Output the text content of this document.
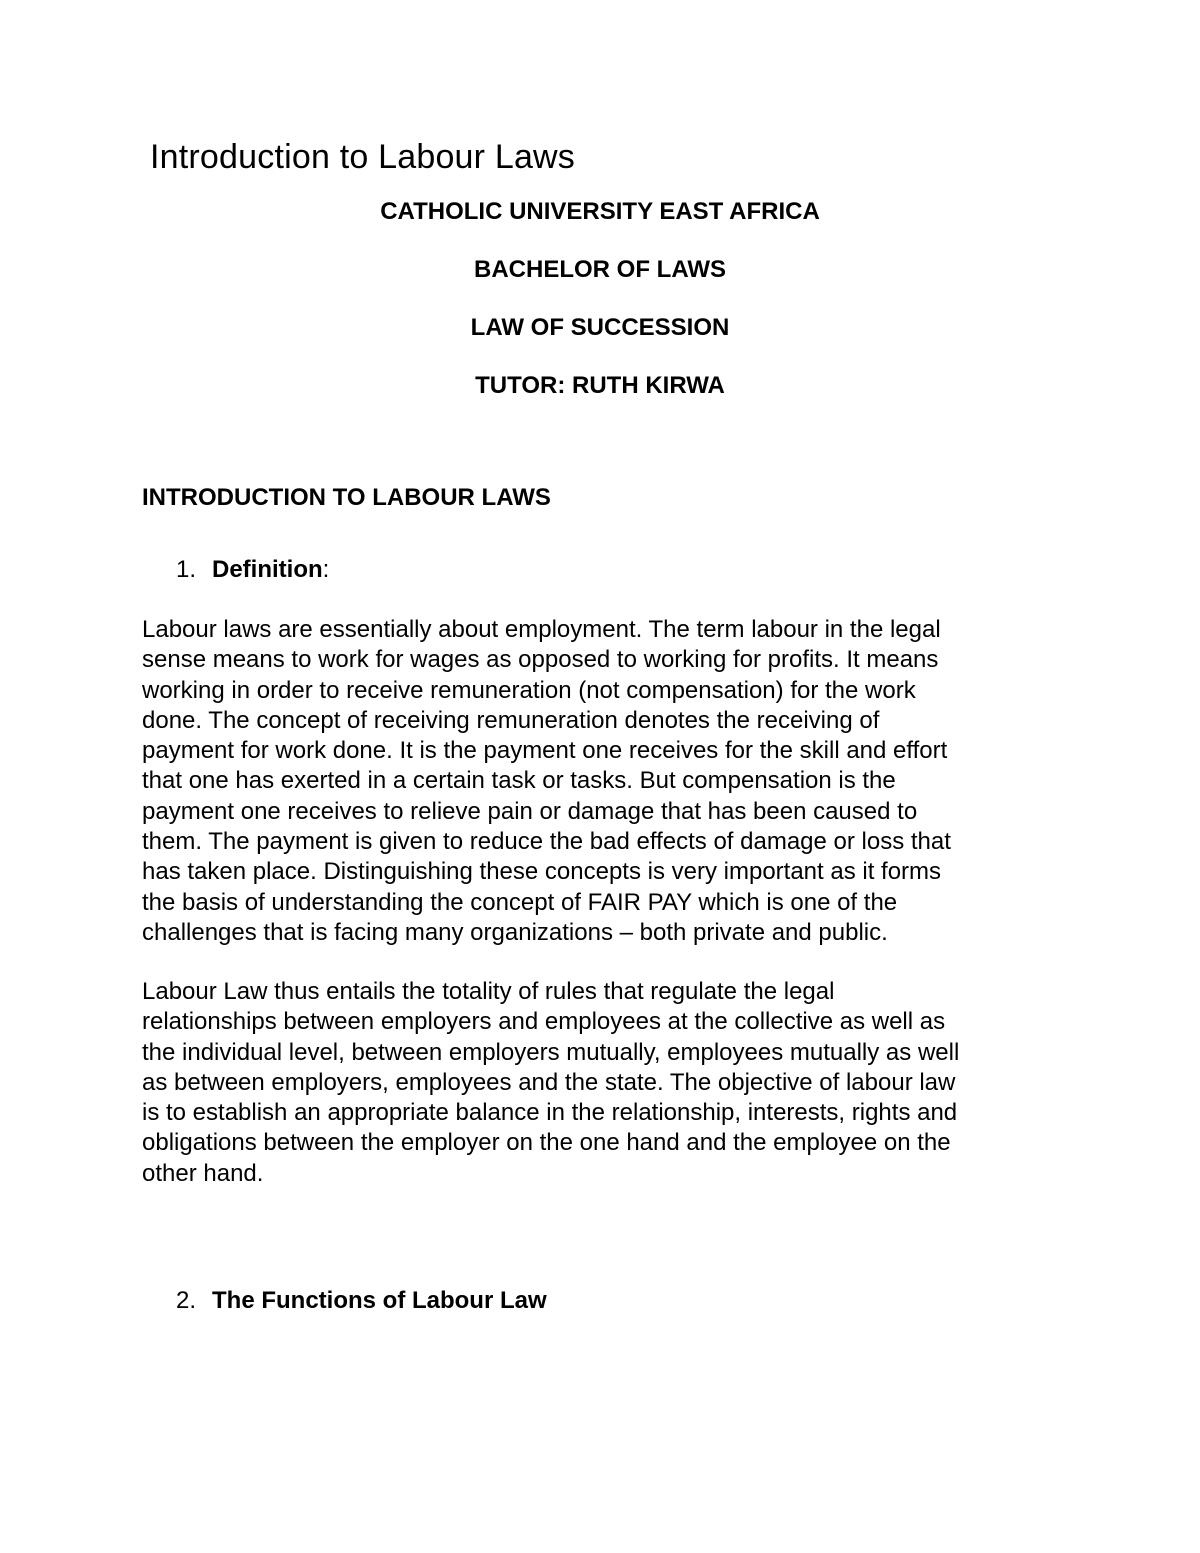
Introduction to Labour Laws

CATHOLIC UNIVERSITY EAST AFRICA

BACHELOR OF LAWS

LAW OF SUCCESSION

TUTOR: RUTH KIRWA

INTRODUCTION TO LABOUR LAWS

1. Definition:

Labour laws are essentially about employment. The term labour in the legal
sense means to work for wages as opposed to working for profits. It means
working in order to receive remuneration (not compensation) for the work
done. The concept of receiving remuneration denotes the receiving of
payment for work done. It is the payment one receives for the skill and effort
that one has exerted in a certain task or tasks. But compensation is the
payment one receives to relieve pain or damage that has been caused to
them. The payment is given to reduce the bad effects of damage or loss that
has taken place. Distinguishing these concepts is very important as it forms
the basis of understanding the concept of FAIR PAY which is one of the
challenges that is facing many organizations – both private and public.
Labour Law thus entails the totality of rules that regulate the legal
relationships between employers and employees at the collective as well as
the individual level, between employers mutually, employees mutually as well
as between employers, employees and the state. The objective of labour law
is to establish an appropriate balance in the relationship, interests, rights and
obligations between the employer on the one hand and the employee on the
other hand.

2. The Functions of Labour Law
